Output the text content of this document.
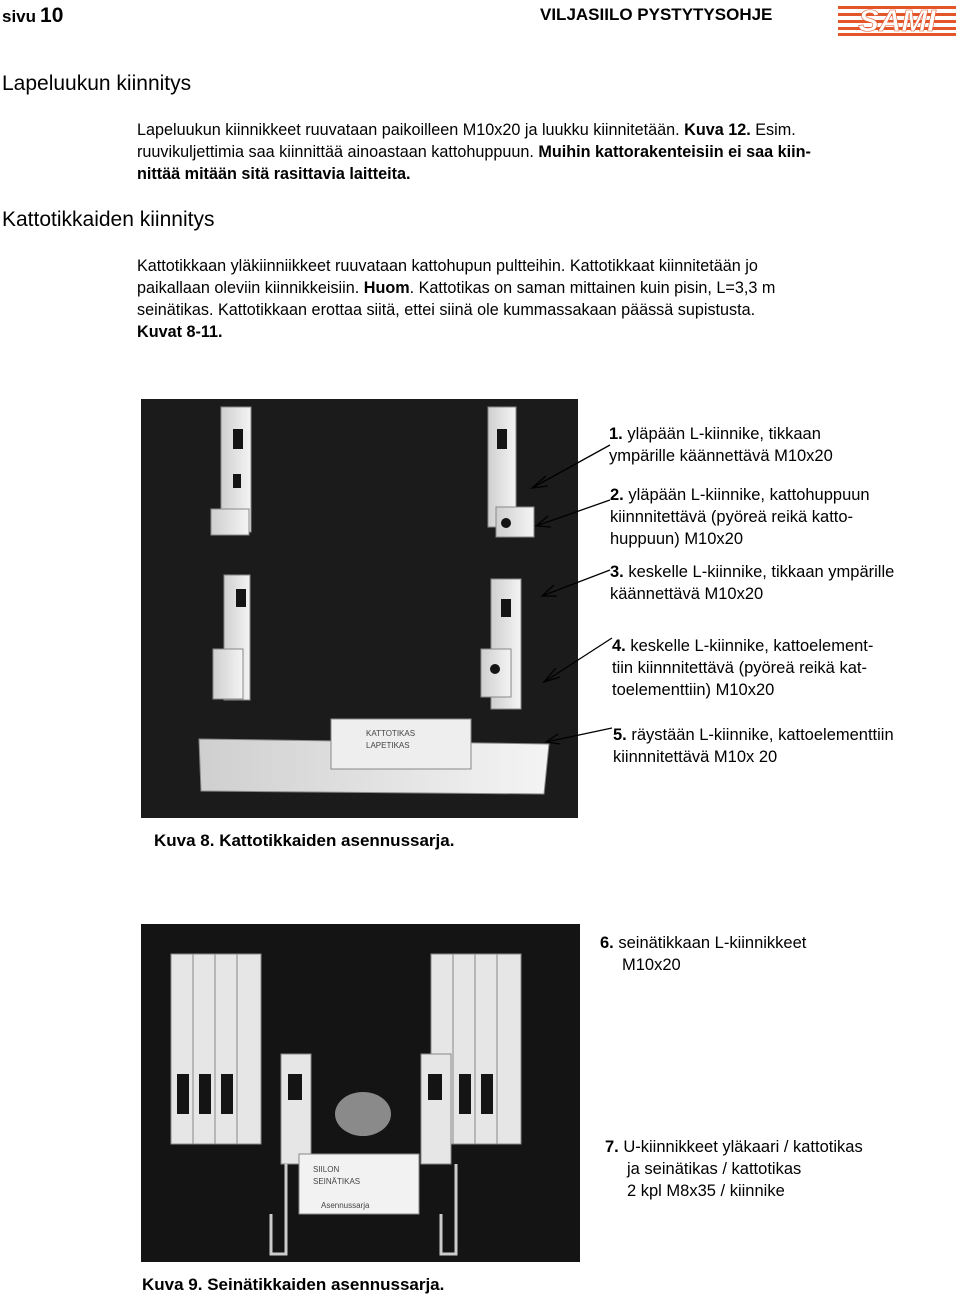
sivu 10	VILJASIILO PYSTYTYSOHJE	SAMI
Lapeluukun kiinnitys
Lapeluukun kiinnikkeet ruuvataan paikoilleen M10x20 ja luukku kiinnitetään. Kuva 12. Esim.
ruuvikuljettimia saa kiinnittää ainoastaan kattohuppuun. Muihin kattorakenteisiin ei saa kiin-
nittää mitään sitä rasittavia laitteita.
Kattotikkaiden kiinnitys
Kattotikkaan yläkiinniikkeet ruuvataan kattohupun pultteihin. Kattotikkaat kiinnitetään jo
paikallaan oleviin kiinnikkeisiin. Huom. Kattotikas on saman mittainen kuin pisin, L=3,3 m
seinätikas. Kattotikkaan erottaa siitä, ettei siinä ole kummassakaan päässä supistusta.
Kuvat 8-11.
KATTOTIKAS
LAPETIKAS
1. yläpään L-kiinnike, tikkaan
ympärille käännettävä M10x20
2. yläpään L-kiinnike, kattohuppuun
kiinnnitettävä (pyöreä reikä katto-
huppuun) M10x20
3. keskelle L-kiinnike, tikkaan ympärille
käännettävä M10x20
4. keskelle L-kiinnike, kattoelement-
tiin kiinnnitettävä (pyöreä reikä kat-
toelementtiin) M10x20
5. räystään L-kiinnike, kattoelementtiin
kiinnnitettävä M10x 20
Kuva 8. Kattotikkaiden asennussarja.
SIILON
SEINÄTIKAS
Asennussarja
6. seinätikkaan L-kiinnikkeet
M10x20
7. U-kiinnikkeet yläkaari / kattotikas
ja seinätikas / kattotikas
2 kpl M8x35 / kiinnike
Kuva 9. Seinätikkaiden asennussarja.
